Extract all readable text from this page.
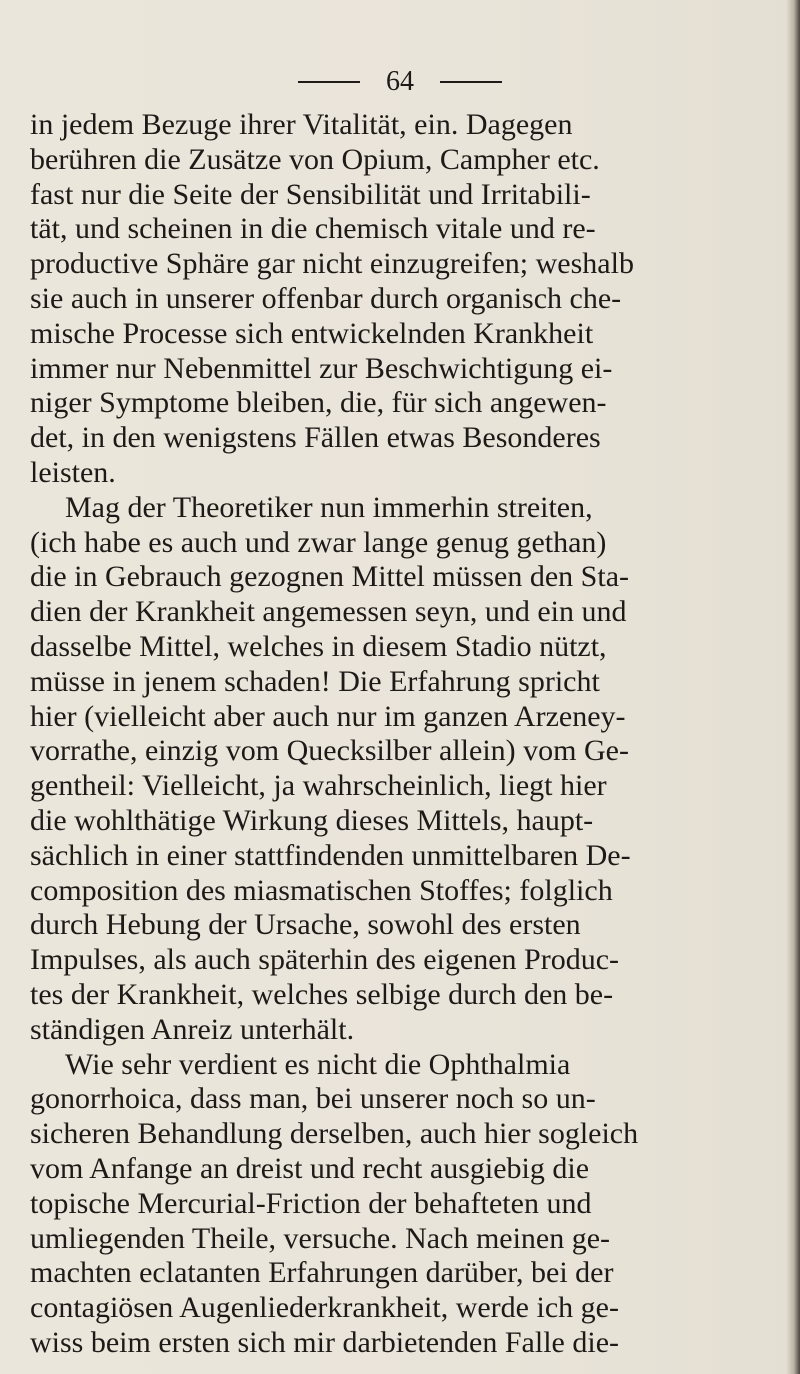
64
in jedem Bezuge ihrer Vitalität, ein. Dagegen
berühren die Zusätze von Opium, Campher etc.
fast nur die Seite der Sensibilität und Irritabili-
tät, und scheinen in die chemisch vitale und re-
productive Sphäre gar nicht einzugreifen; weshalb
sie auch in unserer offenbar durch organisch che-
mische Processe sich entwickelnden Krankheit
immer nur Nebenmittel zur Beschwichtigung ei-
niger Symptome bleiben, die, für sich angewen-
det, in den wenigstens Fällen etwas Besonderes
leisten.
Mag der Theoretiker nun immerhin streiten,
(ich habe es auch und zwar lange genug gethan)
die in Gebrauch gezognen Mittel müssen den Sta-
dien der Krankheit angemessen seyn, und ein und
dasselbe Mittel, welches in diesem Stadio nützt,
müsse in jenem schaden! Die Erfahrung spricht
hier (vielleicht aber auch nur im ganzen Arzeney-
vorrathe, einzig vom Quecksilber allein) vom Ge-
gentheil: Vielleicht, ja wahrscheinlich, liegt hier
die wohlthätige Wirkung dieses Mittels, haupt-
sächlich in einer stattfindenden unmittelbaren De-
composition des miasmatischen Stoffes; folglich
durch Hebung der Ursache, sowohl des ersten
Impulses, als auch späterhin des eigenen Produc-
tes der Krankheit, welches selbige durch den be-
ständigen Anreiz unterhält.
Wie sehr verdient es nicht die Ophthalmia
gonorrhoica, dass man, bei unserer noch so un-
sicheren Behandlung derselben, auch hier sogleich
vom Anfange an dreist und recht ausgiebig die
topische Mercurial-Friction der behafteten und
umliegenden Theile, versuche. Nach meinen ge-
machten eclatanten Erfahrungen darüber, bei der
contagiösen Augenliederkrankheit, werde ich ge-
wiss beim ersten sich mir darbietenden Falle die-
